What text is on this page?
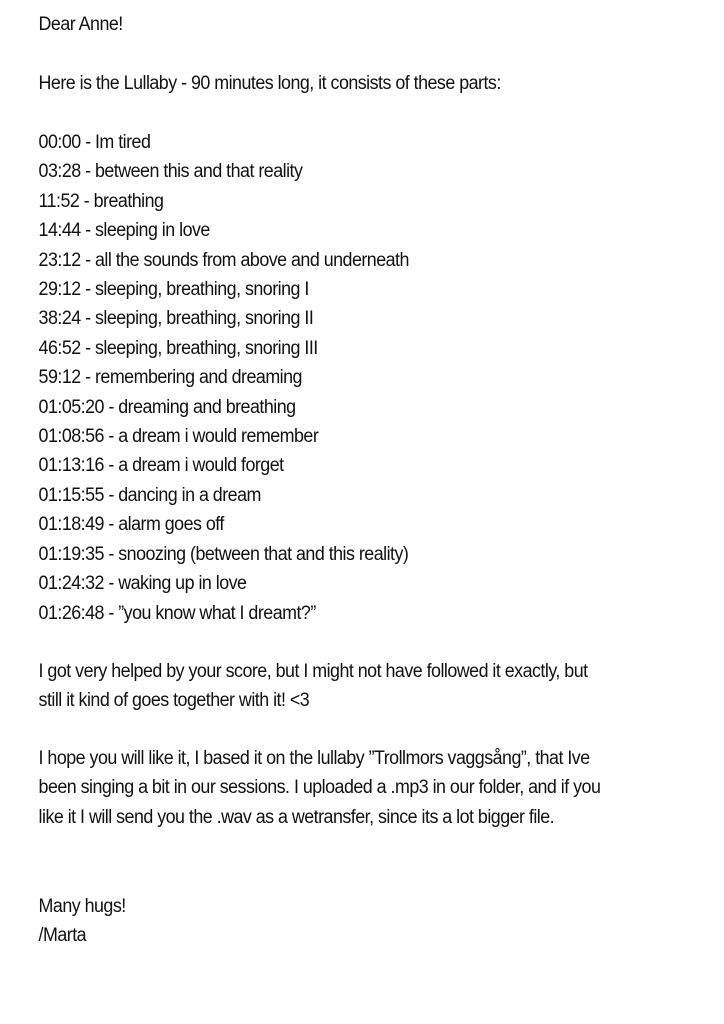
Dear Anne!
Here is the Lullaby - 90 minutes long, it consists of these parts:
00:00 - Im tired
03:28 - between this and that reality
11:52 - breathing
14:44 - sleeping in love
23:12 - all the sounds from above and underneath
29:12 - sleeping, breathing, snoring I
38:24 - sleeping, breathing, snoring II
46:52 - sleeping, breathing, snoring III
59:12 - remembering and dreaming
01:05:20 - dreaming and breathing
01:08:56 - a dream i would remember
01:13:16 - a dream i would forget
01:15:55 - dancing in a dream
01:18:49 - alarm goes off
01:19:35 - snoozing (between that and this reality)
01:24:32 - waking up in love
01:26:48 - ”you know what I dreamt?”
I got very helped by your score, but I might not have followed it exactly, but
still it kind of goes together with it! <3
I hope you will like it, I based it on the lullaby ”Trollmors vaggsång”, that Ive
been singing a bit in our sessions. I uploaded a .mp3 in our folder, and if you
like it I will send you the .wav as a wetransfer, since its a lot bigger file.
Many hugs!
/Marta
